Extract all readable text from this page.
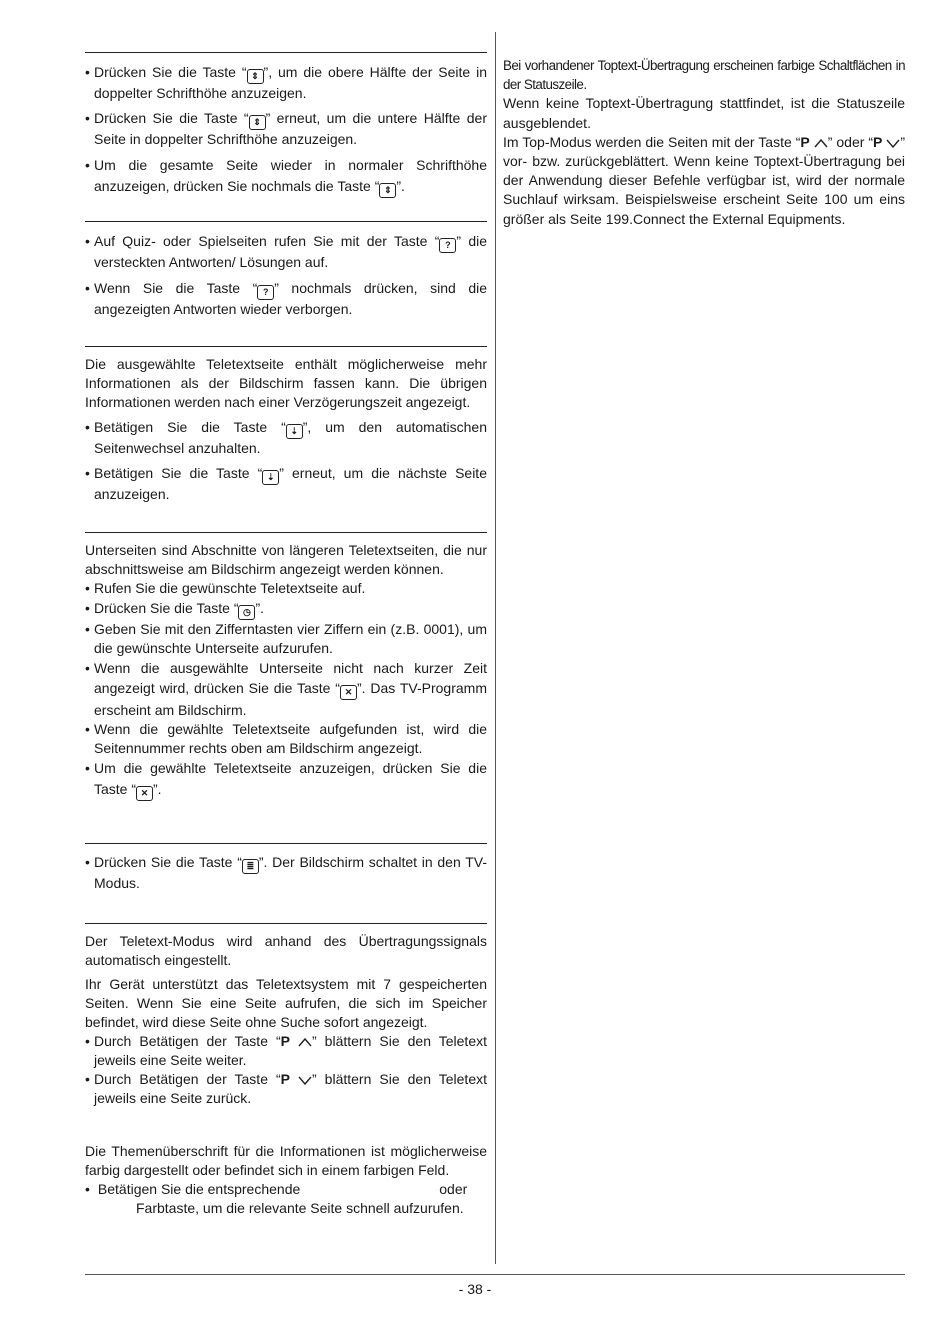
• Drücken Sie die Taste “ ⇕ ”, um die obere Hälfte der Seite in doppelter Schrifthöhe anzuzeigen.

• Drücken Sie die Taste “ ⇕ ” erneut, um die untere Hälfte der Seite in doppelter Schrifthöhe anzuzeigen.

• Um die gesamte Seite wieder in normaler Schrifthöhe anzuzeigen, drücken Sie nochmals die Taste “ ⇕ ”.

• Auf Quiz- oder Spielseiten rufen Sie mit der Taste “ ? ” die versteckten Antworten/ Lösungen auf.

• Wenn Sie die Taste “ ? ” nochmals drücken, sind die angezeigten Antworten wieder verborgen.

Die ausgewählte Teletextseite enthält möglicherweise mehr Informationen als der Bildschirm fassen kann. Die übrigen Informationen werden nach einer Verzögerungszeit angezeigt.

• Betätigen Sie die Taste “ ⇣ ”, um den automatischen Seitenwechsel anzuhalten.

• Betätigen Sie die Taste “ ⇣ ” erneut, um die nächste Seite anzuzeigen.

Unterseiten sind Abschnitte von längeren Teletextseiten, die nur abschnittsweise am Bildschirm angezeigt werden können.

• Rufen Sie die gewünschte Teletextseite auf.

• Drücken Sie die Taste “ ◷ ”.

• Geben Sie mit den Zifferntasten vier Ziffern ein (z.B. 0001), um die gewünschte Unterseite aufzurufen.

• Wenn die ausgewählte Unterseite nicht nach kurzer Zeit angezeigt wird, drücken Sie die Taste “ ✕ ”. Das TV-Programm erscheint am Bildschirm.

• Wenn die gewählte Teletextseite aufgefunden ist, wird die Seitennummer rechts oben am Bildschirm angezeigt.

• Um die gewählte Teletextseite anzuzeigen, drücken Sie die Taste “ ✕ ”.

• Drücken Sie die Taste “ ≣ ”. Der Bildschirm schaltet in den TV-Modus.

Der Teletext-Modus wird anhand des Übertragungssignals automatisch eingestellt.

Ihr Gerät unterstützt das Teletextsystem mit 7 gespeicherten Seiten. Wenn Sie eine Seite aufrufen, die sich im Speicher befindet, wird diese Seite ohne Suche sofort angezeigt.

• Durch Betätigen der Taste “P ” blättern Sie den Teletext jeweils eine Seite weiter.

• Durch Betätigen der Taste “P ” blättern Sie den Teletext jeweils eine Seite zurück.

Die Themenüberschrift für die Informationen ist möglicherweise farbig dargestellt oder befindet sich in einem farbigen Feld.

• Betätigen Sie die entsprechende	oder
Farbtaste, um die relevante Seite schnell aufzurufen.

Bei vorhandener Toptext-Übertragung erscheinen farbige Schaltflächen in der Statuszeile.

Wenn keine Toptext-Übertragung stattfindet, ist die Statuszeile ausgeblendet.

Im Top-Modus werden die Seiten mit der Taste “P ” oder “P ” vor- bzw. zurückgeblättert. Wenn keine Toptext-Übertragung bei der Anwendung dieser Befehle verfügbar ist, wird der normale Suchlauf wirksam. Beispielsweise erscheint Seite 100 um eins größer als Seite 199.Connect the External Equipments.

- 38 -
